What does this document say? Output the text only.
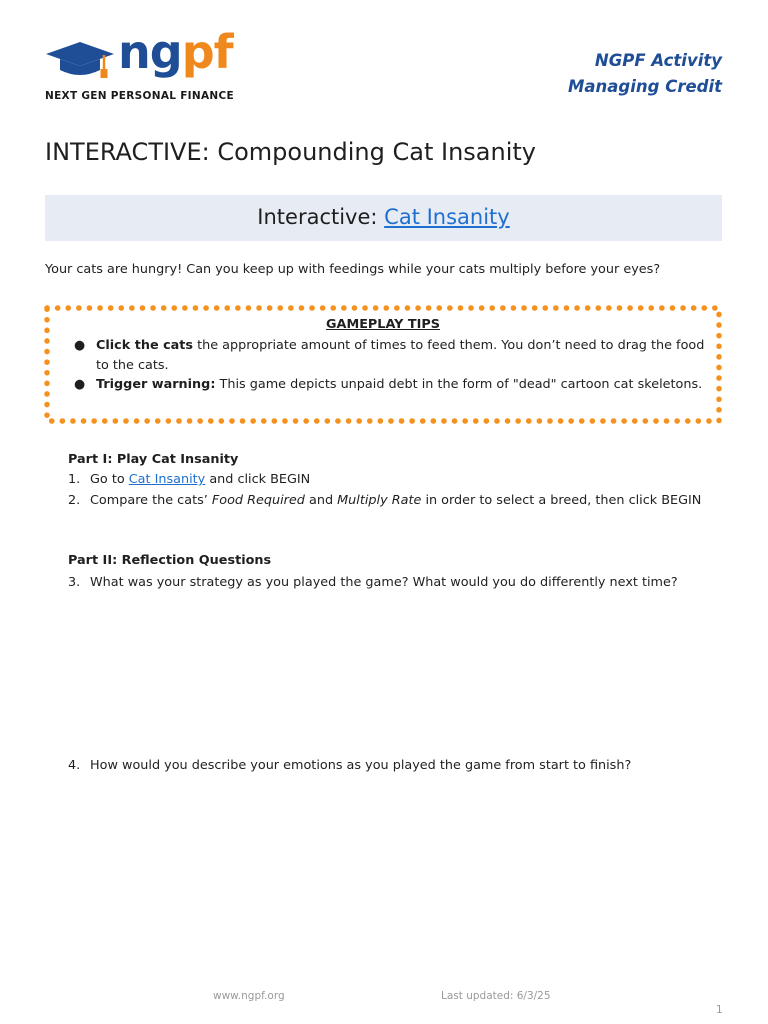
ngpf
NEXT GEN PERSONAL FINANCE
NGPF Activity
Managing Credit
INTERACTIVE: Compounding Cat Insanity
Interactive: Cat Insanity
Your cats are hungry! Can you keep up with feedings while your cats multiply before your eyes?
GAMEPLAY TIPS
● Click the cats the appropriate amount of times to feed them. You don’t need to drag the food to the cats.
● Trigger warning: This game depicts unpaid debt in the form of "dead" cartoon cat skeletons.
Part I: Play Cat Insanity
1. Go to Cat Insanity and click BEGIN
2. Compare the cats’ Food Required and Multiply Rate in order to select a breed, then click BEGIN
Part II: Reflection Questions
3. What was your strategy as you played the game? What would you do differently next time?
4. How would you describe your emotions as you played the game from start to finish?
www.ngpf.org	Last updated: 6/3/25
1
